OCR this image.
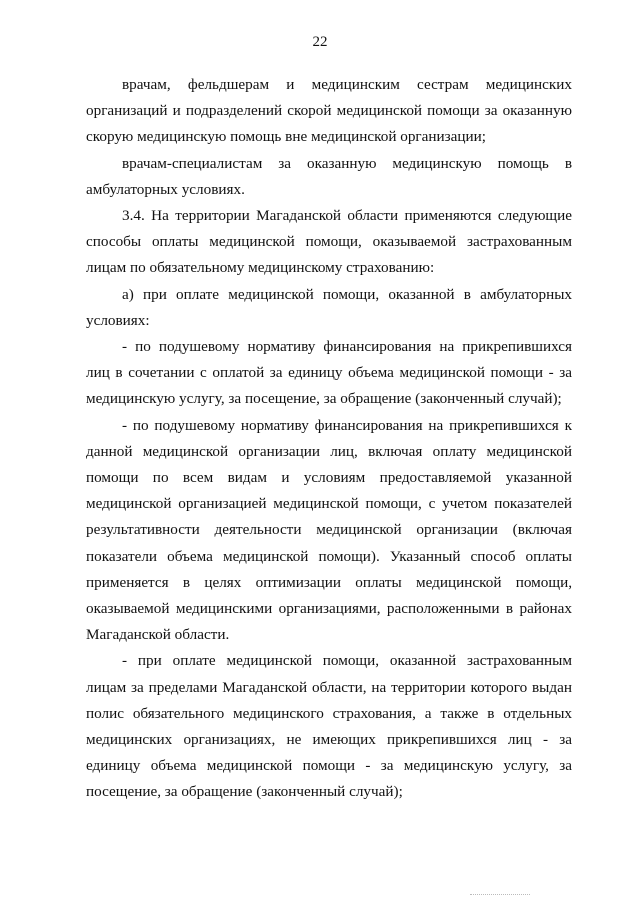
22

врачам, фельдшерам и медицинским сестрам медицинских организаций и подразделений скорой медицинской помощи за оказанную скорую медицинскую помощь вне медицинской организации;

врачам-специалистам за оказанную медицинскую помощь в амбулаторных условиях.

3.4. На территории Магаданской области применяются следующие способы оплаты медицинской помощи, оказываемой застрахованным лицам по обязательному медицинскому страхованию:

а) при оплате медицинской помощи, оказанной в амбулаторных условиях:

- по подушевому нормативу финансирования на прикрепившихся лиц в сочетании с оплатой за единицу объема медицинской помощи - за медицинскую услугу, за посещение, за обращение (законченный случай);

- по подушевому нормативу финансирования на прикрепившихся к данной медицинской организации лиц, включая оплату медицинской помощи по всем видам и условиям предоставляемой указанной медицинской организацией медицинской помощи, с учетом показателей результативности деятельности медицинской организации (включая показатели объема медицинской помощи). Указанный способ оплаты применяется в целях оптимизации оплаты медицинской помощи, оказываемой медицинскими организациями, расположенными в районах Магаданской области.

- при оплате медицинской помощи, оказанной застрахованным лицам за пределами Магаданской области, на территории которого выдан полис обязательного медицинского страхования, а также в отдельных медицинских организациях, не имеющих прикрепившихся лиц - за единицу объема медицинской помощи - за медицинскую услугу, за посещение, за обращение (законченный случай);
